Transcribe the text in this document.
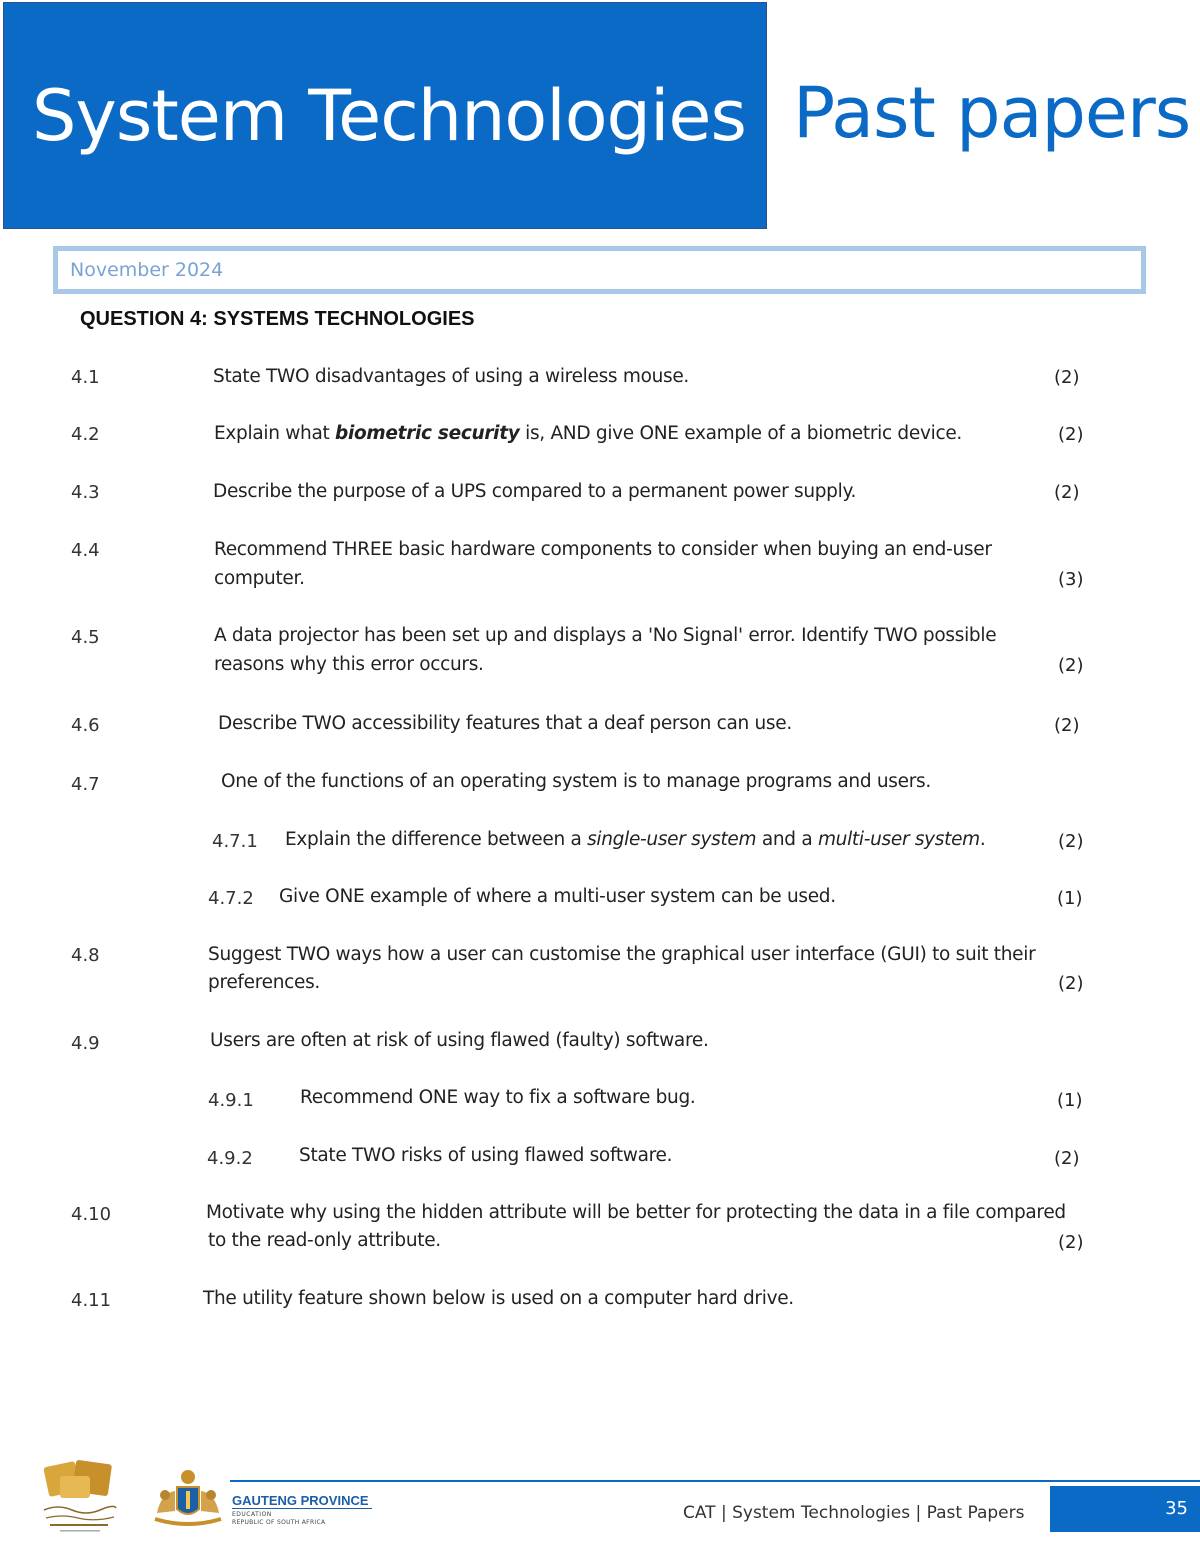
System Technologies Past papers
November 2024
QUESTION 4: SYSTEMS TECHNOLOGIES
4.1	State TWO disadvantages of using a wireless mouse.	(2)
4.2	Explain what biometric security is, AND give ONE example of a biometric device.	(2)
4.3	Describe the purpose of a UPS compared to a permanent power supply.	(2)
4.4	Recommend THREE basic hardware components to consider when buying an end-user
computer.	(3)
4.5	A data projector has been set up and displays a 'No Signal' error. Identify TWO possible
reasons why this error occurs.	(2)
4.6	Describe TWO accessibility features that a deaf person can use.	(2)
4.7	One of the functions of an operating system is to manage programs and users.
4.7.1 Explain the difference between a single-user system and a multi-user system.	(2)
4.7.2 Give ONE example of where a multi-user system can be used.	(1)
4.8	Suggest TWO ways how a user can customise the graphical user interface (GUI) to suit their
preferences.	(2)
4.9	Users are often at risk of using flawed (faulty) software.
4.9.1 Recommend ONE way to fix a software bug.	(1)
4.9.2 State TWO risks of using flawed software.	(2)
4.10	Motivate why using the hidden attribute will be better for protecting the data in a file compared
to the read-only attribute.	(2)
4.11	The utility feature shown below is used on a computer hard drive.
GAUTENG PROVINCE
EDUCATION
REPUBLIC OF SOUTH AFRICA	CAT | System Technologies | Past Papers	35
